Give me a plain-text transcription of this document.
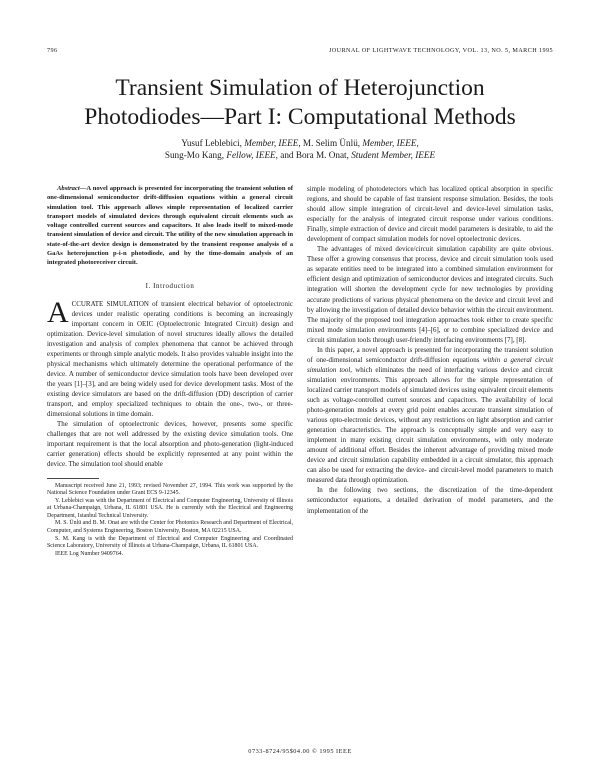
796	JOURNAL OF LIGHTWAVE TECHNOLOGY, VOL. 13, NO. 5, MARCH 1995
Transient Simulation of Heterojunction
Photodiodes—Part I: Computational Methods
Yusuf Leblebici, Member, IEEE, M. Selim Ünlü, Member, IEEE,
Sung-Mo Kang, Fellow, IEEE, and Bora M. Onat, Student Member, IEEE

Abstract—A novel approach is presented for incorporating the transient solution of one-dimensional semiconductor drift-diffusion equations within a general circuit simulation tool. This approach allows simple representation of localized carrier transport models of simulated devices through equivalent circuit elements such as voltage controlled current sources and capacitors. It also leads itself to mixed-mode transient simulation of device and circuit. The utility of the new simulation approach in state-of-the-art device design is demonstrated by the transient response analysis of a GaAs heterojunction p-i-n photodiode, and by the time-domain analysis of an integrated photoreceiver circuit.

I. Introduction

ACCURATE SIMULATION of transient electrical behavior of optoelectronic devices under realistic operating conditions is becoming an increasingly important concern in OEIC (Optoelectronic Integrated Circuit) design and optimization. Device-level simulation of novel structures ideally allows the detailed investigation and analysis of complex phenomena that cannot be achieved through experiments or through simple analytic models. It also provides valuable insight into the physical mechanisms which ultimately determine the operational performance of the device. A number of semiconductor device simulation tools have been developed over the years [1]–[3], and are being widely used for device development tasks. Most of the existing device simulators are based on the drift-diffusion (DD) description of carrier transport, and employ specialized techniques to obtain the one-, two-, or three-dimensional solutions in time domain.

The simulation of optoelectronic devices, however, presents some specific challenges that are not well addressed by the existing device simulation tools. One important requirement is that the local absorption and photo-generation (light-induced carrier generation) effects should be explicitly represented at any point within the device. The simulation tool should enable

Manuscript received June 21, 1993; revised November 27, 1994. This work was supported by the National Science Foundation under Grant ECS 9-12345.

Y. Leblebici was with the Department of Electrical and Computer Engineering, University of Illinois at Urbana-Champaign, Urbana, IL 61801 USA. He is currently with the Electrical and Engineering Department, Istanbul Technical University.

M. S. Ünlü and B. M. Onat are with the Center for Photonics Research and Department of Electrical, Computer, and Systems Engineering, Boston University, Boston, MA 02215 USA.

S. M. Kang is with the Department of Electrical and Computer Engineering and Coordinated Science Laboratory, University of Illinois at Urbana-Champaign, Urbana, IL 61801 USA.

IEEE Log Number 9409764.

simple modeling of photodetectors which has localized optical absorption in specific regions, and should be capable of fast transient response simulation. Besides, the tools should allow simple integration of circuit-level and device-level simulation tasks, especially for the analysis of integrated circuit response under various conditions. Finally, simple extraction of device and circuit model parameters is desirable, to aid the development of compact simulation models for novel optoelectronic devices.

The advantages of mixed device/circuit simulation capability are quite obvious. These offer a growing consensus that process, device and circuit simulation tools used as separate entities need to be integrated into a combined simulation environment for efficient design and optimization of semiconductor devices and integrated circuits. Such integration will shorten the development cycle for new technologies by providing accurate predictions of various physical phenomena on the device and circuit level and by allowing the investigation of detailed device behavior within the circuit environment. The majority of the proposed tool integration approaches took either to create specific mixed mode simulation environments [4]–[6], or to combine specialized device and circuit simulation tools through user-friendly interfacing environments [7], [8].

In this paper, a novel approach is presented for incorporating the transient solution of one-dimensional semiconductor drift-diffusion equations within a general circuit simulation tool, which eliminates the need of interfacing various device and circuit simulation environments. This approach allows for the simple representation of localized carrier transport models of simulated devices using equivalent circuit elements such as voltage-controlled current sources and capacitors. The availability of local photo-generation models at every grid point enables accurate transient simulation of various opto-electronic devices, without any restrictions on light absorption and carrier generation characteristics. The approach is conceptually simple and very easy to implement in many existing circuit simulation environments, with only moderate amount of additional effort. Besides the inherent advantage of providing mixed mode device and circuit simulation capability embedded in a circuit simulator, this approach can also be used for extracting the device- and circuit-level model parameters to match measured data through optimization.

In the following two sections, the discretization of the time-dependent semiconductor equations, a detailed derivation of model parameters, and the implementation of the

0733-8724/95$04.00 © 1995 IEEE
